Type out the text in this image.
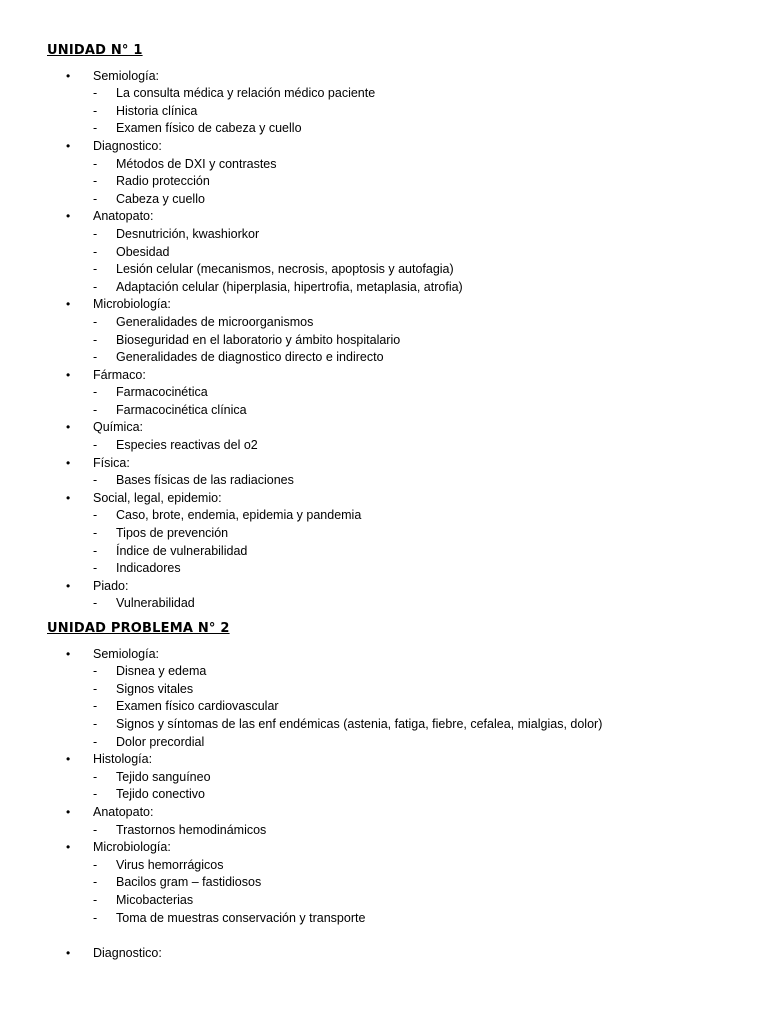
UNIDAD N° 1
• Semiología:
- La consulta médica y relación médico paciente
- Historia clínica
- Examen físico de cabeza y cuello
• Diagnostico:
- Métodos de DXI y contrastes
- Radio protección
- Cabeza y cuello
• Anatopato:
- Desnutrición, kwashiorkor
- Obesidad
- Lesión celular (mecanismos, necrosis, apoptosis y autofagia)
- Adaptación celular (hiperplasia, hipertrofia, metaplasia, atrofia)
• Microbiología:
- Generalidades de microorganismos
- Bioseguridad en el laboratorio y ámbito hospitalario
- Generalidades de diagnostico directo e indirecto
• Fármaco:
- Farmacocinética
- Farmacocinética clínica
• Química:
- Especies reactivas del o2
• Física:
- Bases físicas de las radiaciones
• Social, legal, epidemio:
- Caso, brote, endemia, epidemia y pandemia
- Tipos de prevención
- Índice de vulnerabilidad
- Indicadores
• Piado:
- Vulnerabilidad
UNIDAD PROBLEMA N° 2
• Semiología:
- Disnea y edema
- Signos vitales
- Examen físico cardiovascular
- Signos y síntomas de las enf endémicas (astenia, fatiga, fiebre, cefalea, mialgias, dolor)
- Dolor precordial
• Histología:
- Tejido sanguíneo
- Tejido conectivo
• Anatopato:
- Trastornos hemodinámicos
• Microbiología:
- Virus hemorrágicos
- Bacilos gram – fastidiosos
- Micobacterias
- Toma de muestras conservación y transporte
• Diagnostico:
